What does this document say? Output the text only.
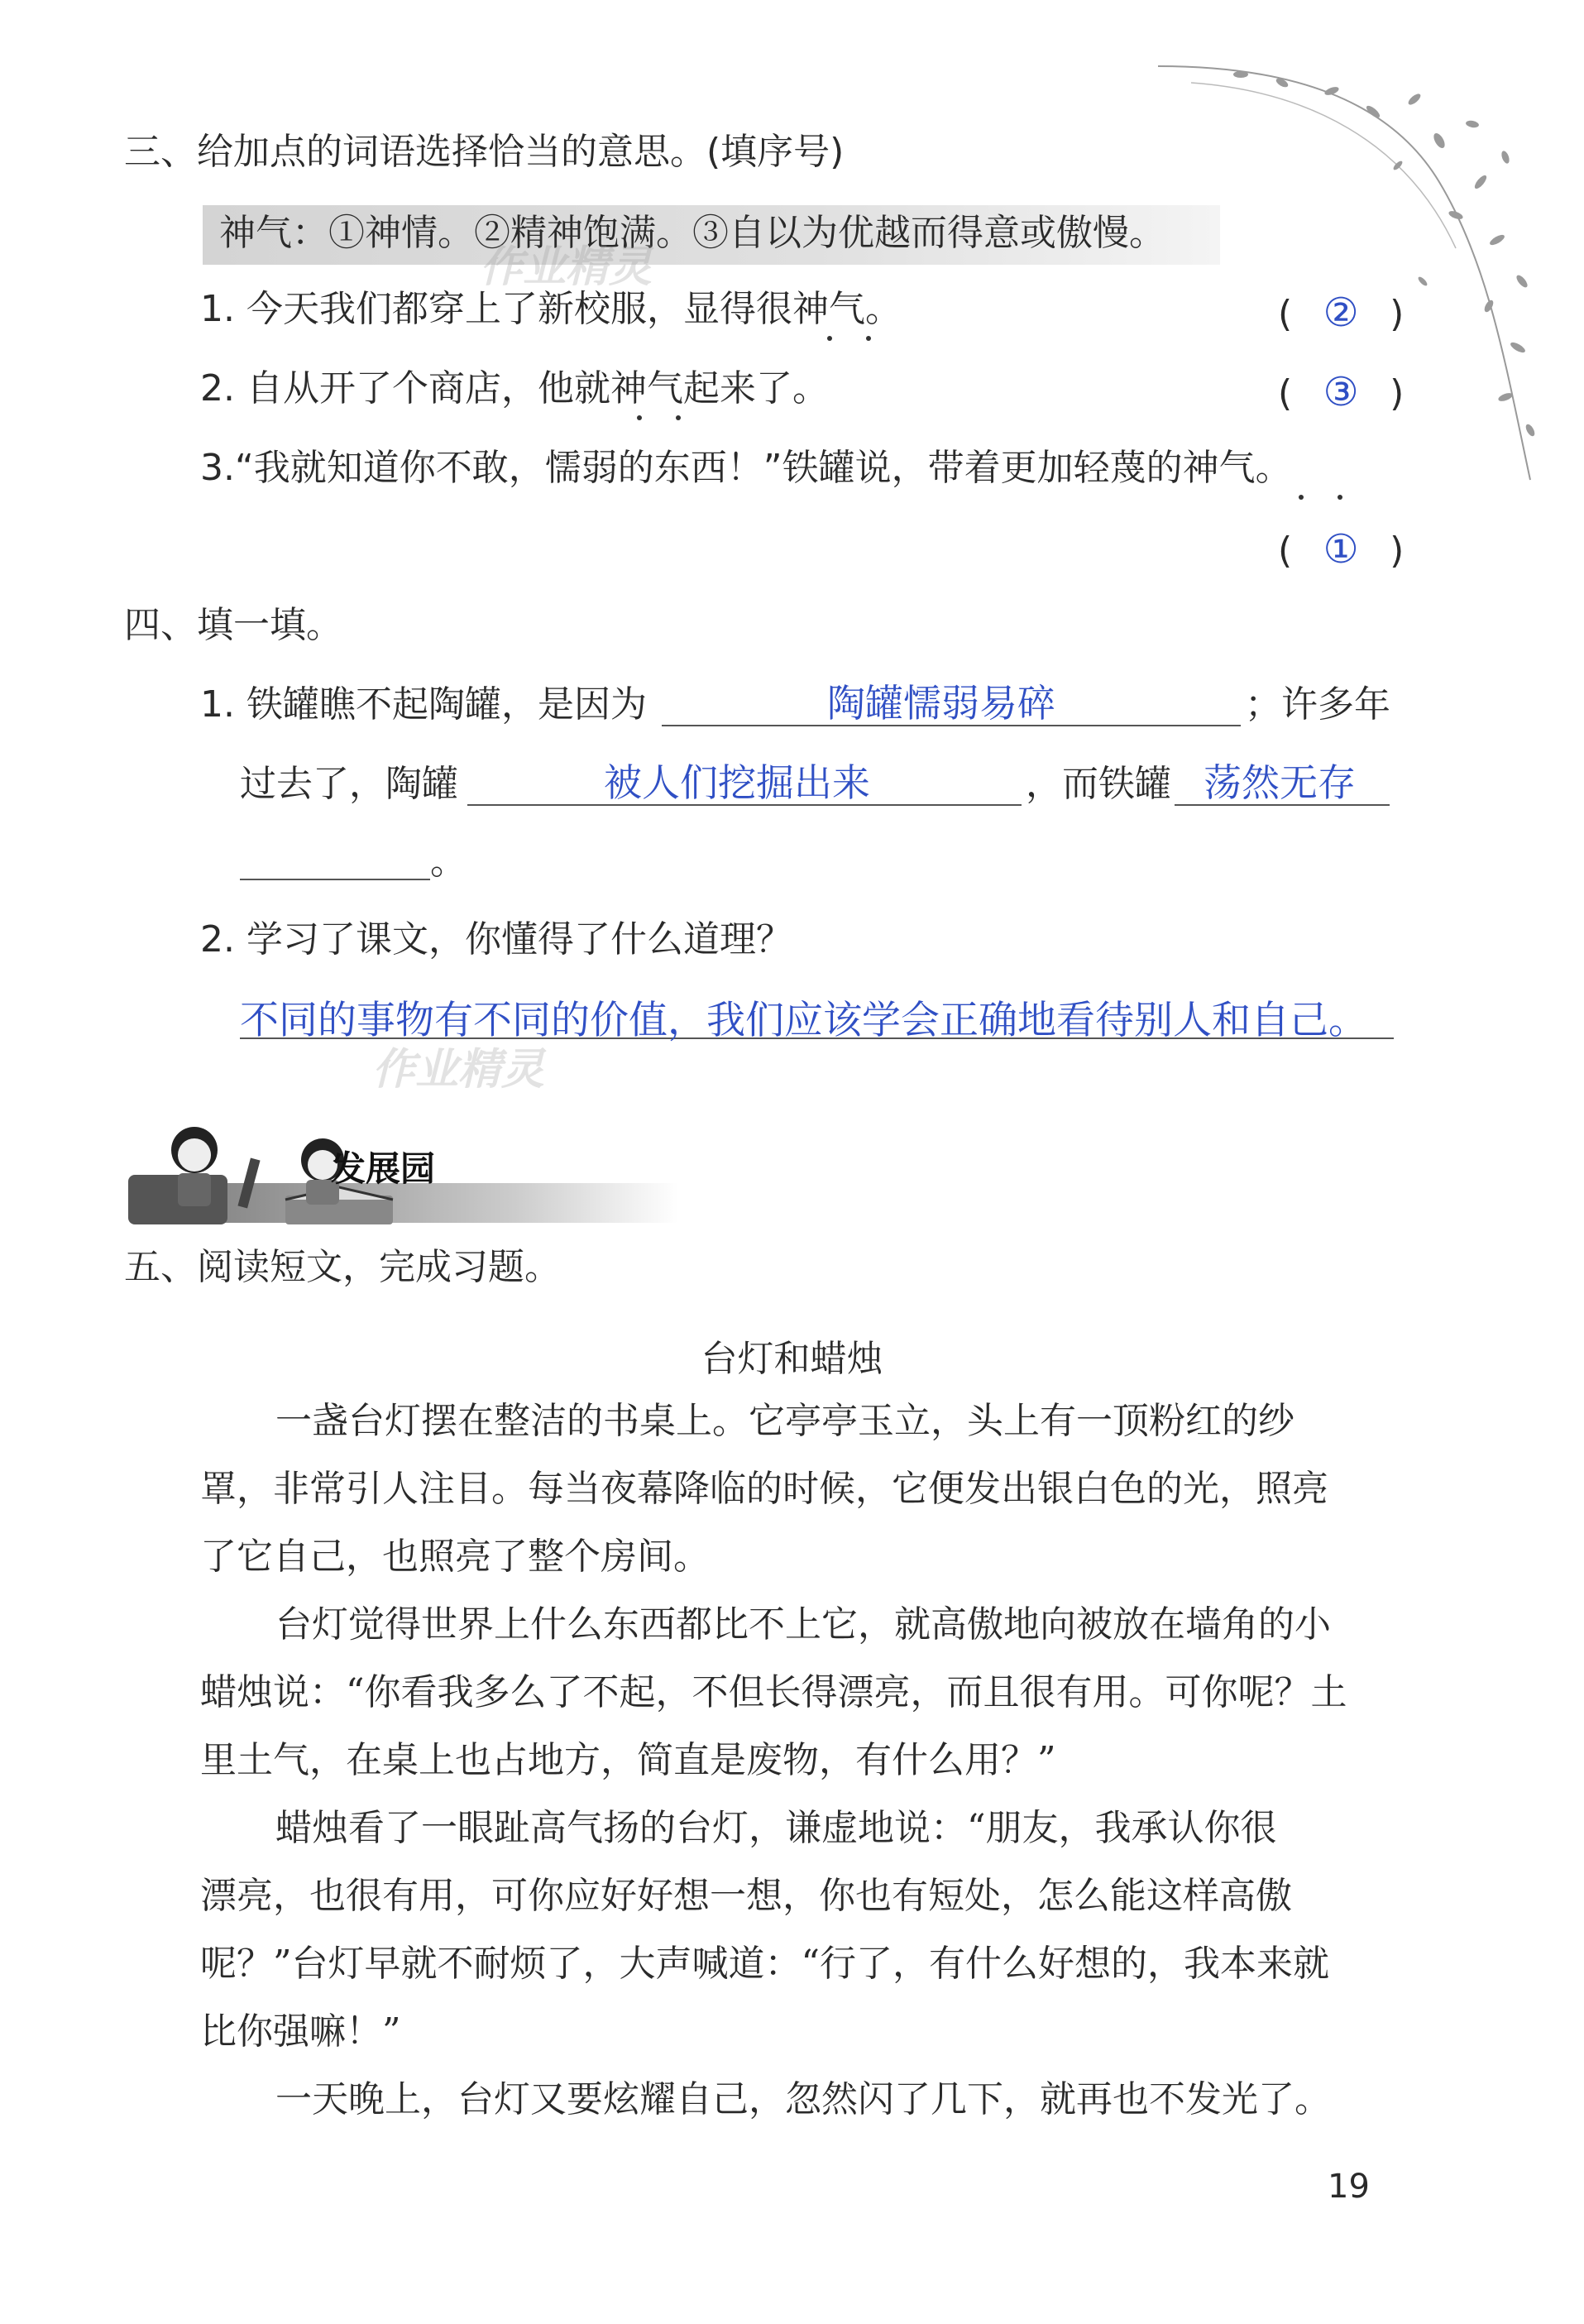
三、给加点的词语选择恰当的意思。(填序号)
神气：①神情。②精神饱满。③自以为优越而得意或傲慢。
1. 今天我们都穿上了新校服，显得很神气。	( ② )
2. 自从开了个商店，他就神气起来了。	( ③ )
3.“我就知道你不敢，懦弱的东西！”铁罐说，带着更加轻蔑的神气。
( ① )
四、填一填。
1. 铁罐瞧不起陶罐，是因为	陶罐懦弱易碎	；许多年
过去了，陶罐	被人们挖掘出来	，而铁罐 荡然无存
。
2. 学习了课文，你懂得了什么道理？
不同的事物有不同的价值，我们应该学会正确地看待别人和自己。
发展园
五、阅读短文，完成习题。
台灯和蜡烛
一盏台灯摆在整洁的书桌上。它亭亭玉立，头上有一顶粉红的纱
罩，非常引人注目。每当夜幕降临的时候，它便发出银白色的光，照亮
了它自己，也照亮了整个房间。
台灯觉得世界上什么东西都比不上它，就高傲地向被放在墙角的小
蜡烛说：“你看我多么了不起，不但长得漂亮，而且很有用。可你呢？土
里土气，在桌上也占地方，简直是废物，有什么用？”
蜡烛看了一眼趾高气扬的台灯，谦虚地说：“朋友，我承认你很
漂亮，也很有用，可你应好好想一想，你也有短处，怎么能这样高傲
呢？”台灯早就不耐烦了，大声喊道：“行了，有什么好想的，我本来就
比你强嘛！”
一天晚上，台灯又要炫耀自己，忽然闪了几下，就再也不发光了。
作业精灵
作业精灵
19
